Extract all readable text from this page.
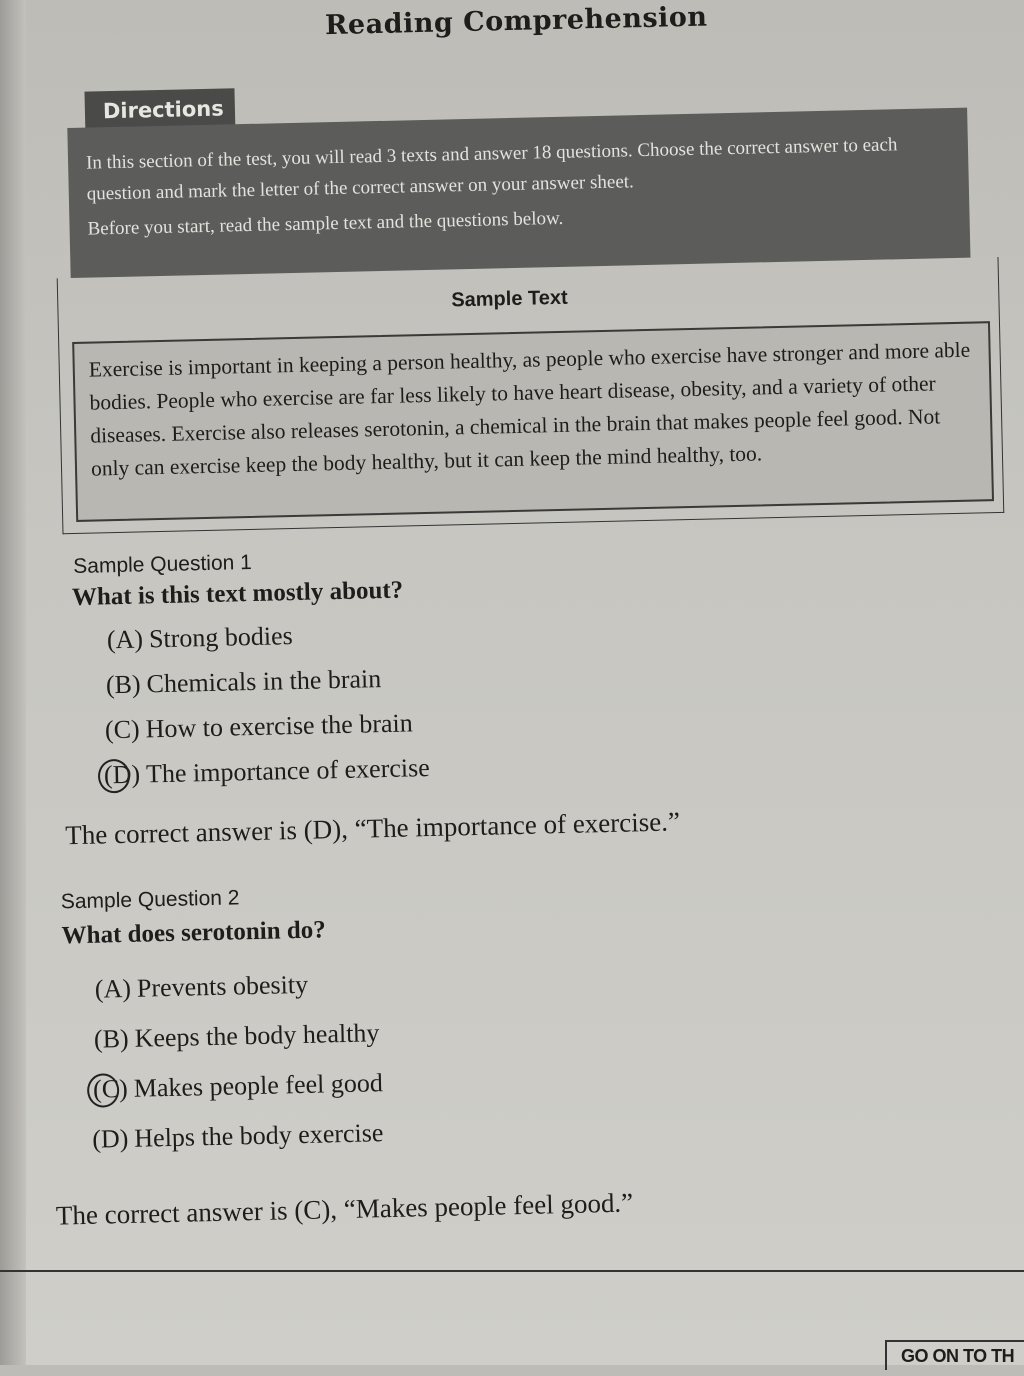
Reading Comprehension
Directions

In this section of the test, you will read 3 texts and answer 18 questions. Choose the correct answer to each question and mark the letter of the correct answer on your answer sheet.

Before you start, read the sample text and the questions below.

Sample Text

Exercise is important in keeping a person healthy, as people who exercise have stronger and more able bodies. People who exercise are far less likely to have heart disease, obesity, and a variety of other diseases. Exercise also releases serotonin, a chemical in the brain that makes people feel good. Not only can exercise keep the body healthy, but it can keep the mind healthy, too.

Sample Question 1
What is this text mostly about?
(A) Strong bodies
(B) Chemicals in the brain
(C) How to exercise the brain
(D) The importance of exercise
The correct answer is (D), “The importance of exercise.”
Sample Question 2
What does serotonin do?
(A) Prevents obesity
(B) Keeps the body healthy
(C) Makes people feel good
(D) Helps the body exercise
The correct answer is (C), “Makes people feel good.”
GO ON TO TH
